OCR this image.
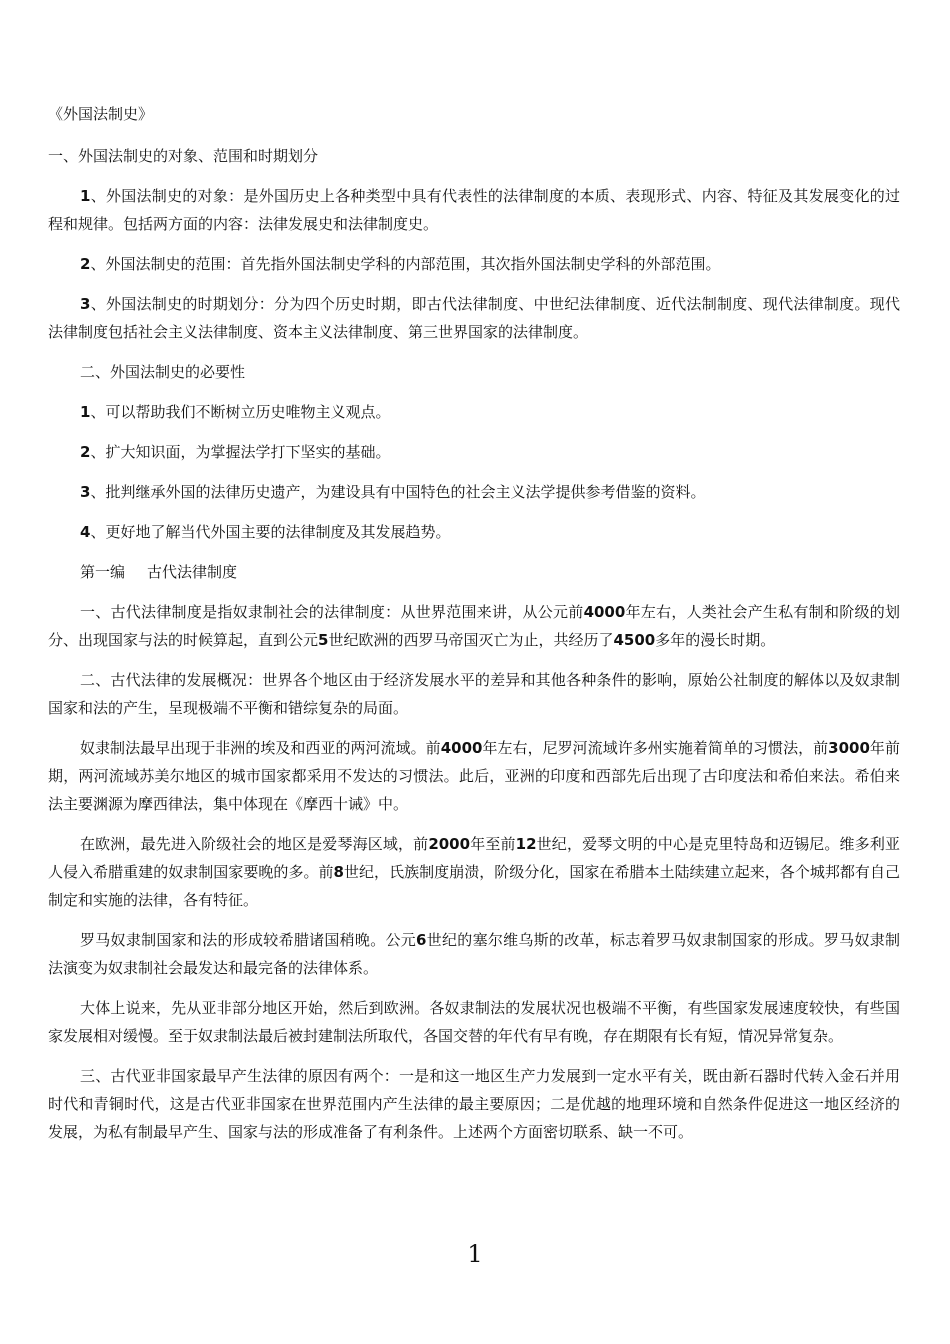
《外国法制史》

一、外国法制史的对象、范围和时期划分

1、外国法制史的对象：是外国历史上各种类型中具有代表性的法律制度的本质、表现形式、内容、特征及其发展变化的过程和规律。包括两方面的内容：法律发展史和法律制度史。

2、外国法制史的范围：首先指外国法制史学科的内部范围，其次指外国法制史学科的外部范围。

3、外国法制史的时期划分：分为四个历史时期，即古代法律制度、中世纪法律制度、近代法制制度、现代法律制度。现代法律制度包括社会主义法律制度、资本主义法律制度、第三世界国家的法律制度。

二、外国法制史的必要性

1、可以帮助我们不断树立历史唯物主义观点。

2、扩大知识面，为掌握法学打下坚实的基础。

3、批判继承外国的法律历史遗产，为建设具有中国特色的社会主义法学提供参考借鉴的资料。

4、更好地了解当代外国主要的法律制度及其发展趋势。

第一编 古代法律制度

一、古代法律制度是指奴隶制社会的法律制度：从世界范围来讲，从公元前4000年左右，人类社会产生私有制和阶级的划分、出现国家与法的时候算起，直到公元5世纪欧洲的西罗马帝国灭亡为止，共经历了4500多年的漫长时期。

二、古代法律的发展概况：世界各个地区由于经济发展水平的差异和其他各种条件的影响，原始公社制度的解体以及奴隶制国家和法的产生，呈现极端不平衡和错综复杂的局面。

奴隶制法最早出现于非洲的埃及和西亚的两河流域。前4000年左右，尼罗河流域许多州实施着简单的习惯法，前3000年前期，两河流域苏美尔地区的城市国家都采用不发达的习惯法。此后，亚洲的印度和西部先后出现了古印度法和希伯来法。希伯来法主要渊源为摩西律法，集中体现在《摩西十诫》中。

在欧洲，最先进入阶级社会的地区是爱琴海区域，前2000年至前12世纪，爱琴文明的中心是克里特岛和迈锡尼。维多利亚人侵入希腊重建的奴隶制国家要晚的多。前8世纪，氏族制度崩溃，阶级分化，国家在希腊本土陆续建立起来，各个城邦都有自己制定和实施的法律，各有特征。

罗马奴隶制国家和法的形成较希腊诸国稍晚。公元6世纪的塞尔维乌斯的改革，标志着罗马奴隶制国家的形成。罗马奴隶制法演变为奴隶制社会最发达和最完备的法律体系。

大体上说来，先从亚非部分地区开始，然后到欧洲。各奴隶制法的发展状况也极端不平衡，有些国家发展速度较快，有些国家发展相对缓慢。至于奴隶制法最后被封建制法所取代，各国交替的年代有早有晚，存在期限有长有短，情况异常复杂。

三、古代亚非国家最早产生法律的原因有两个：一是和这一地区生产力发展到一定水平有关，既由新石器时代转入金石并用时代和青铜时代，这是古代亚非国家在世界范围内产生法律的最主要原因；二是优越的地理环境和自然条件促进这一地区经济的发展，为私有制最早产生、国家与法的形成准备了有利条件。上述两个方面密切联系、缺一不可。

1
